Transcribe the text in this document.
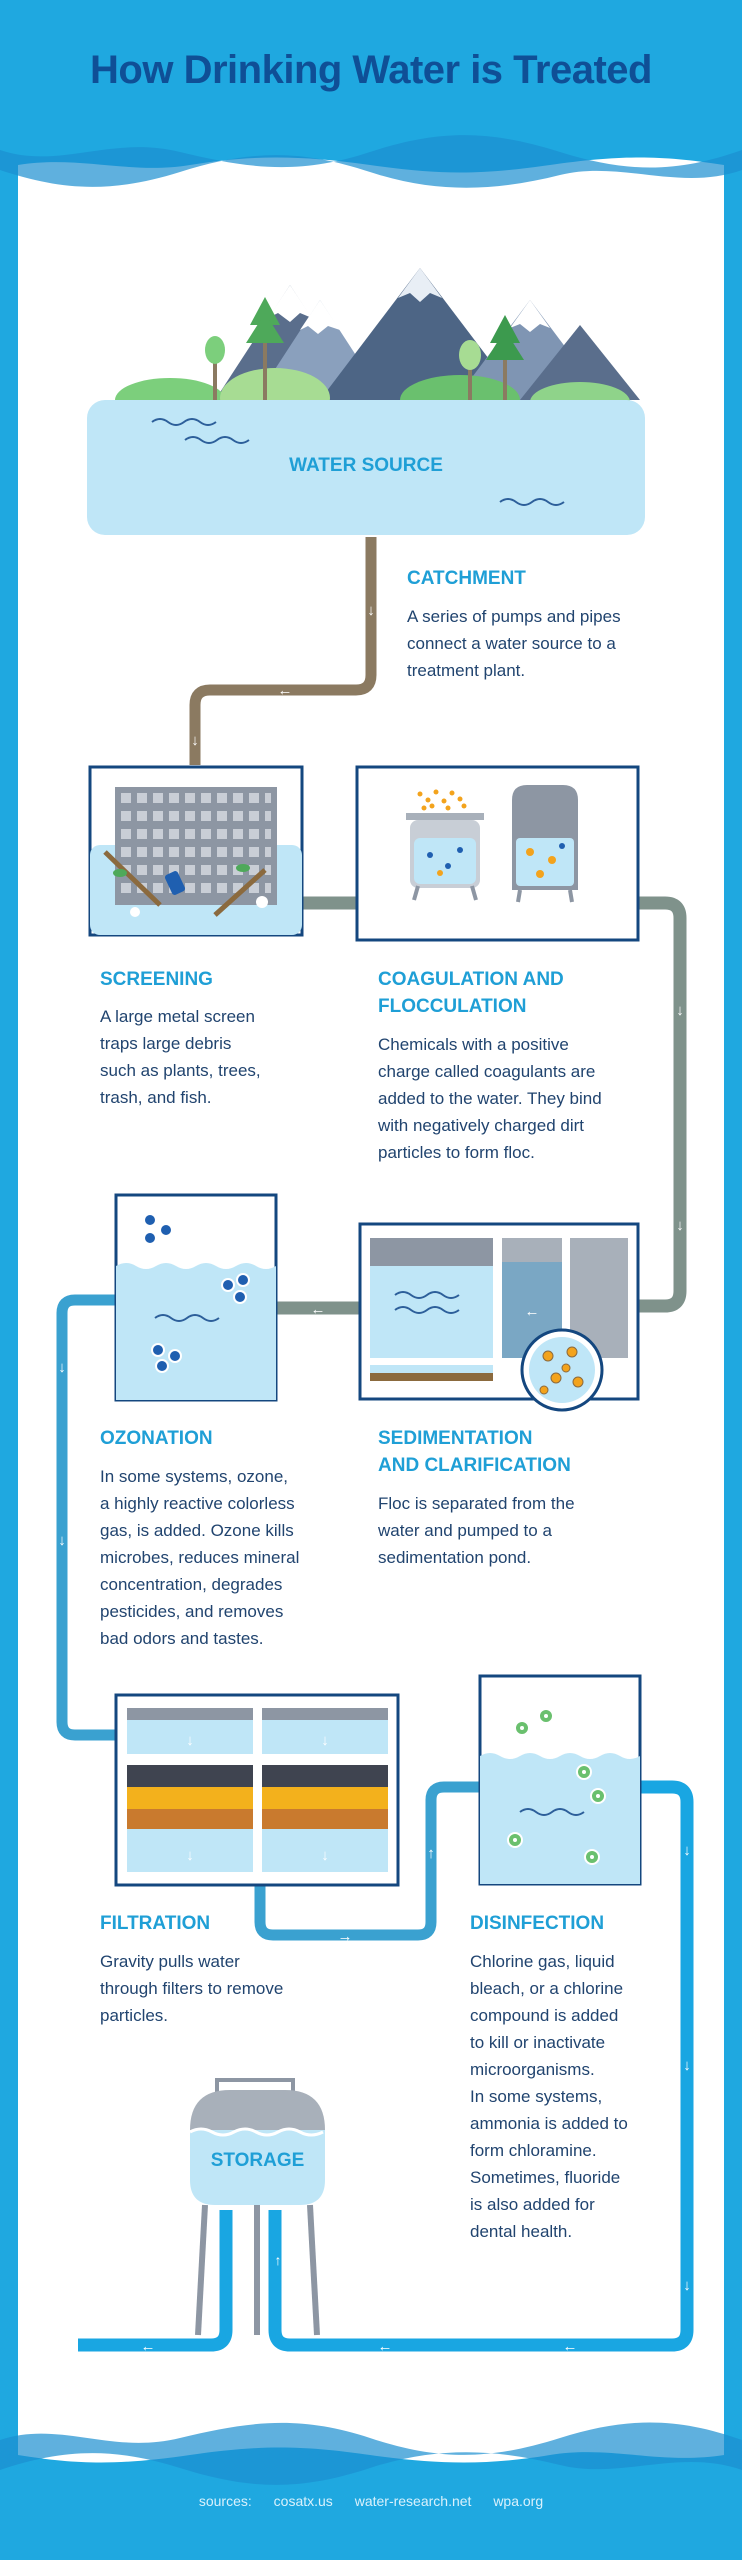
↓
←
↓
↓
↓
←
↓
↓
→
↑	↓
↓
↓
←
←
←
↓	↑
←
↓
↓
↓
↓
How Drinking Water is Treated
WATER SOURCE
STORAGE
CATCHMENT
A series of pumps and pipes
connect a water source to a
treatment plant.
SCREENING
A large metal screen
traps large debris
such as plants, trees,
trash, and fish.
COAGULATION AND
FLOCCULATION
Chemicals with a positive
charge called coagulants are
added to the water. They bind
with negatively charged dirt
particles to form floc.
OZONATION
In some systems, ozone,
a highly reactive colorless
gas, is added. Ozone kills
microbes, reduces mineral
concentration, degrades
pesticides, and removes
bad odors and tastes.
SEDIMENTATION
AND CLARIFICATION
Floc is separated from the
water and pumped to a
sedimentation pond.
FILTRATION
Gravity pulls water
through filters to remove
particles.
DISINFECTION
Chlorine gas, liquid
bleach, or a chlorine
compound is added
to kill or inactivate
microorganisms.
In some systems,
ammonia is added to
form chloramine.
Sometimes, fluoride
is also added for
dental health.
sources: cosatx.us water-research.net wpa.org
